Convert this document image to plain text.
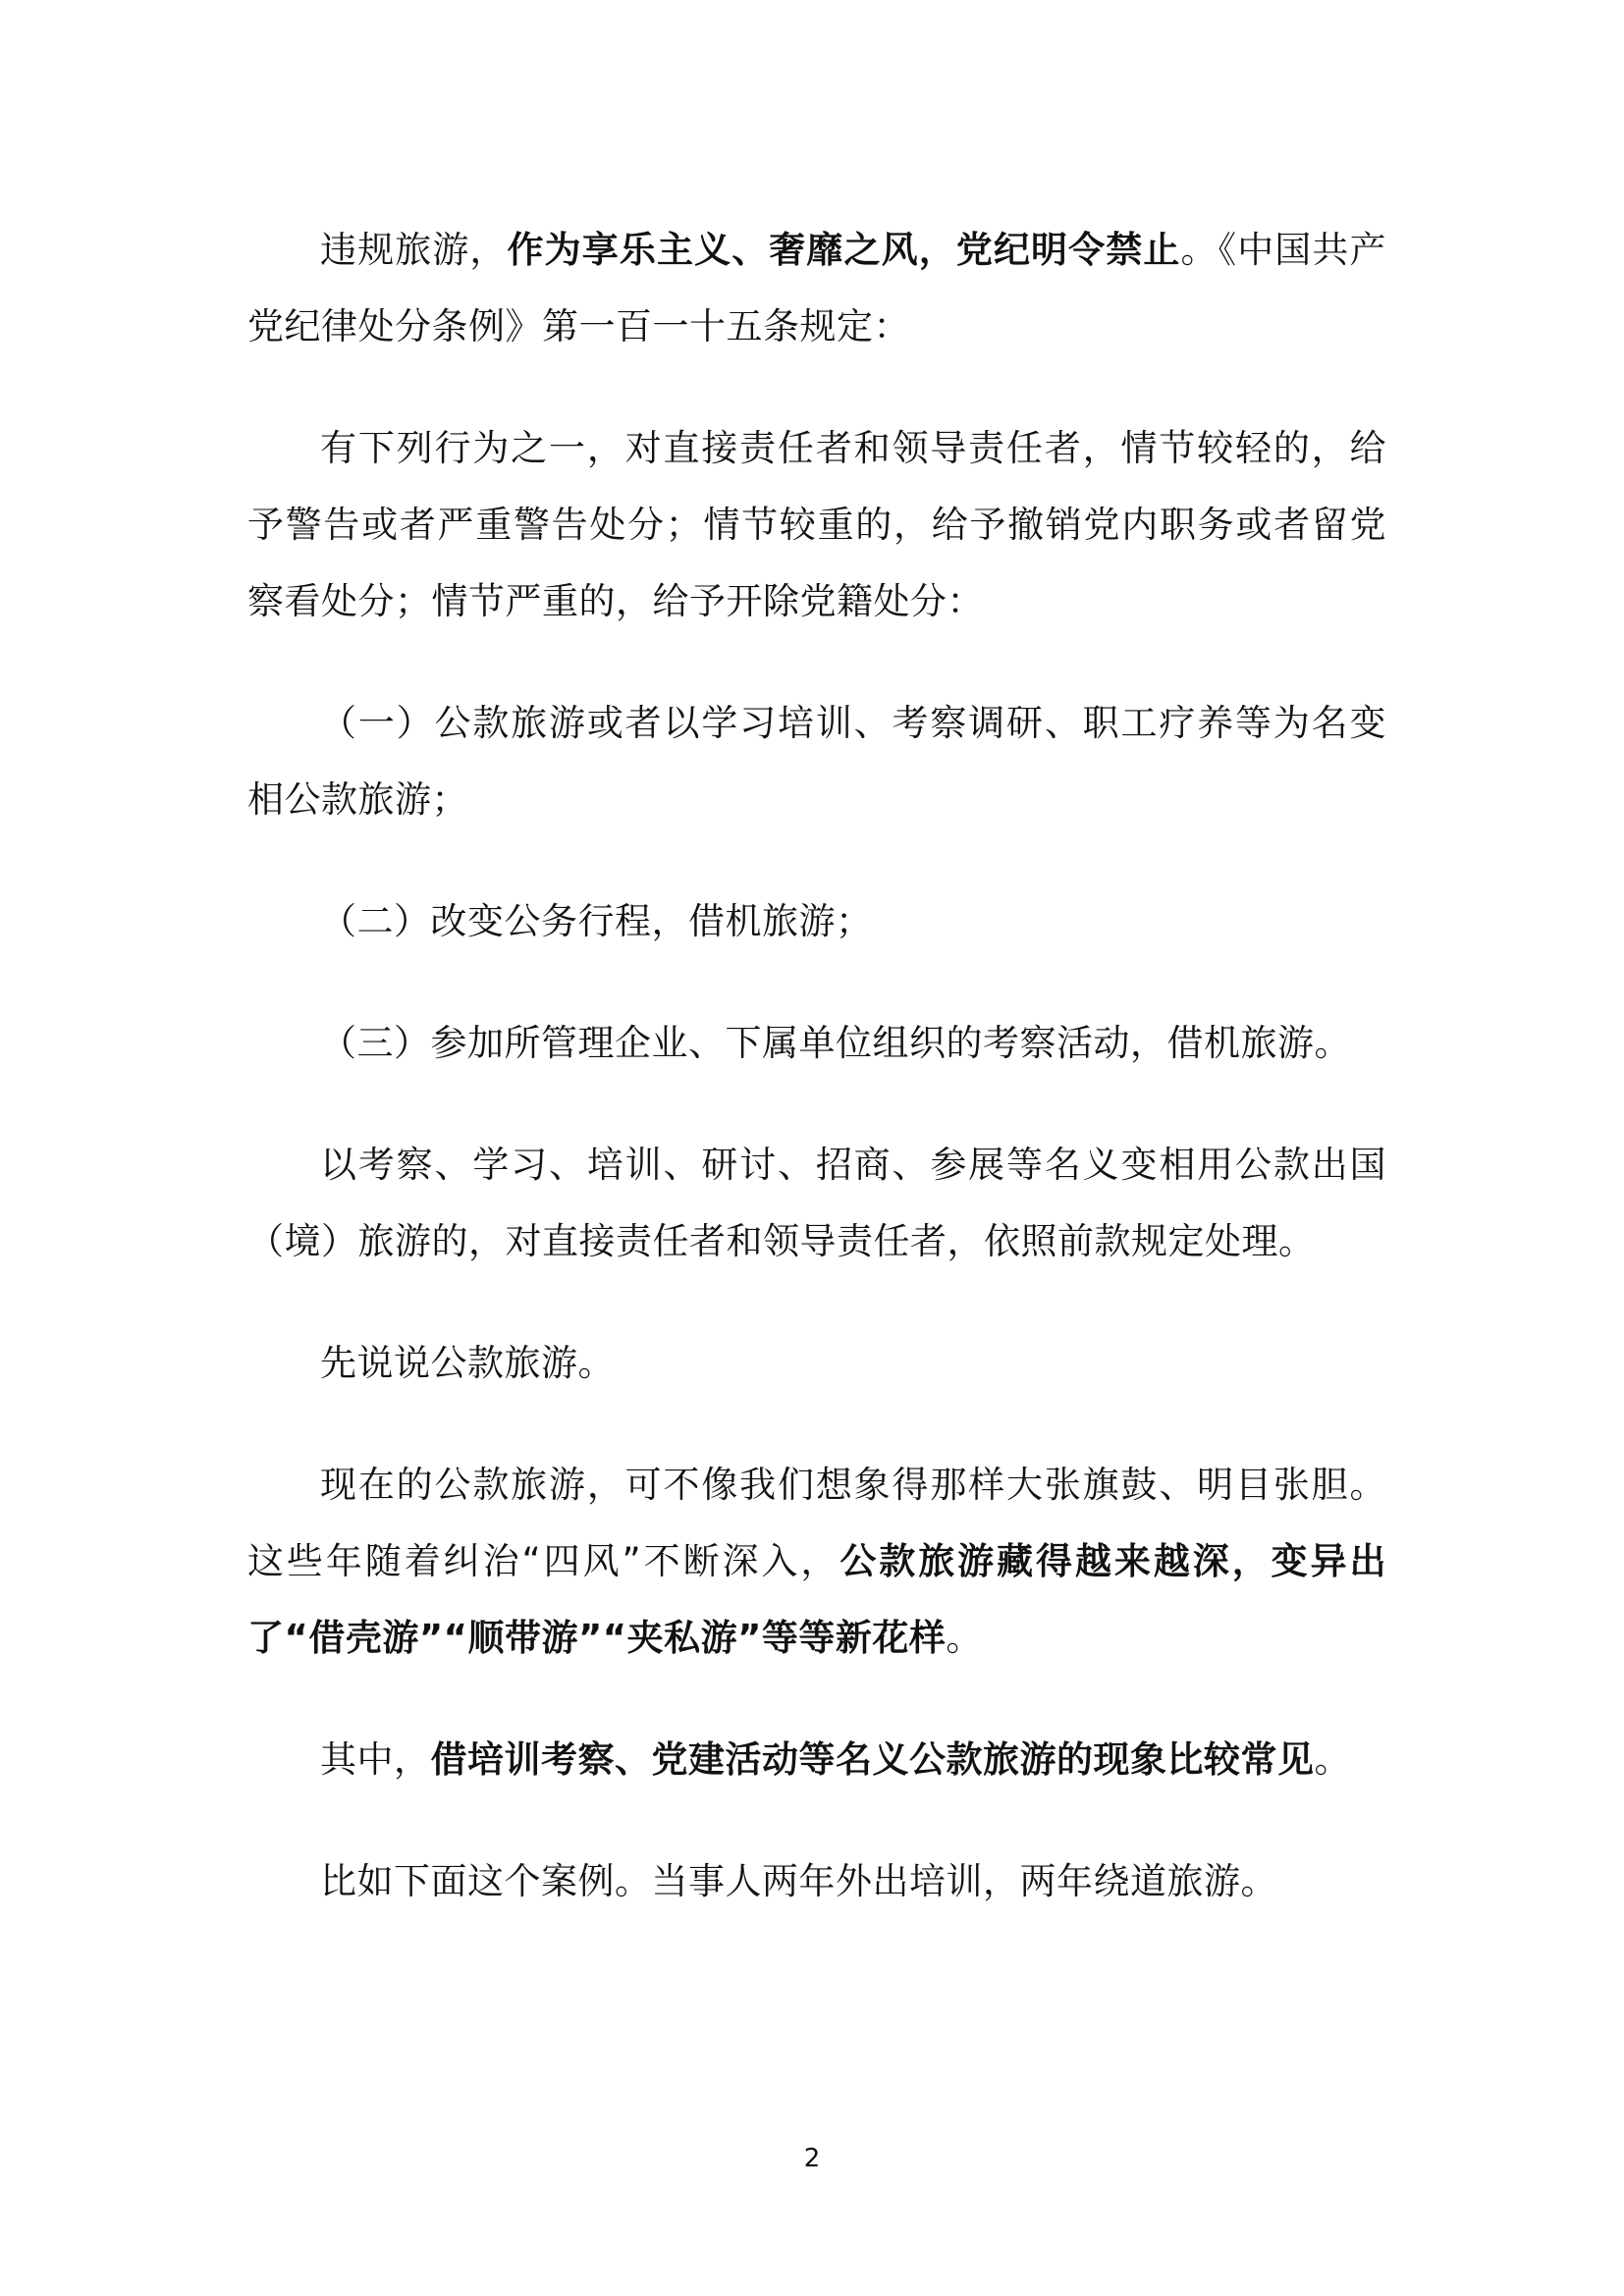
违规旅游，作为享乐主义、奢靡之风，党纪明令禁止。《中国共产党纪律处分条例》第一百一十五条规定：

有下列行为之一，对直接责任者和领导责任者，情节较轻的，给予警告或者严重警告处分；情节较重的，给予撤销党内职务或者留党察看处分；情节严重的，给予开除党籍处分：

（一）公款旅游或者以学习培训、考察调研、职工疗养等为名变相公款旅游；

（二）改变公务行程，借机旅游；

（三）参加所管理企业、下属单位组织的考察活动，借机旅游。

以考察、学习、培训、研讨、招商、参展等名义变相用公款出国（境）旅游的，对直接责任者和领导责任者，依照前款规定处理。

先说说公款旅游。

现在的公款旅游，可不像我们想象得那样大张旗鼓、明目张胆。这些年随着纠治“四风”不断深入，公款旅游藏得越来越深，变异出了“借壳游”“顺带游”“夹私游”等等新花样。

其中，借培训考察、党建活动等名义公款旅游的现象比较常见。

比如下面这个案例。当事人两年外出培训，两年绕道旅游。

2
